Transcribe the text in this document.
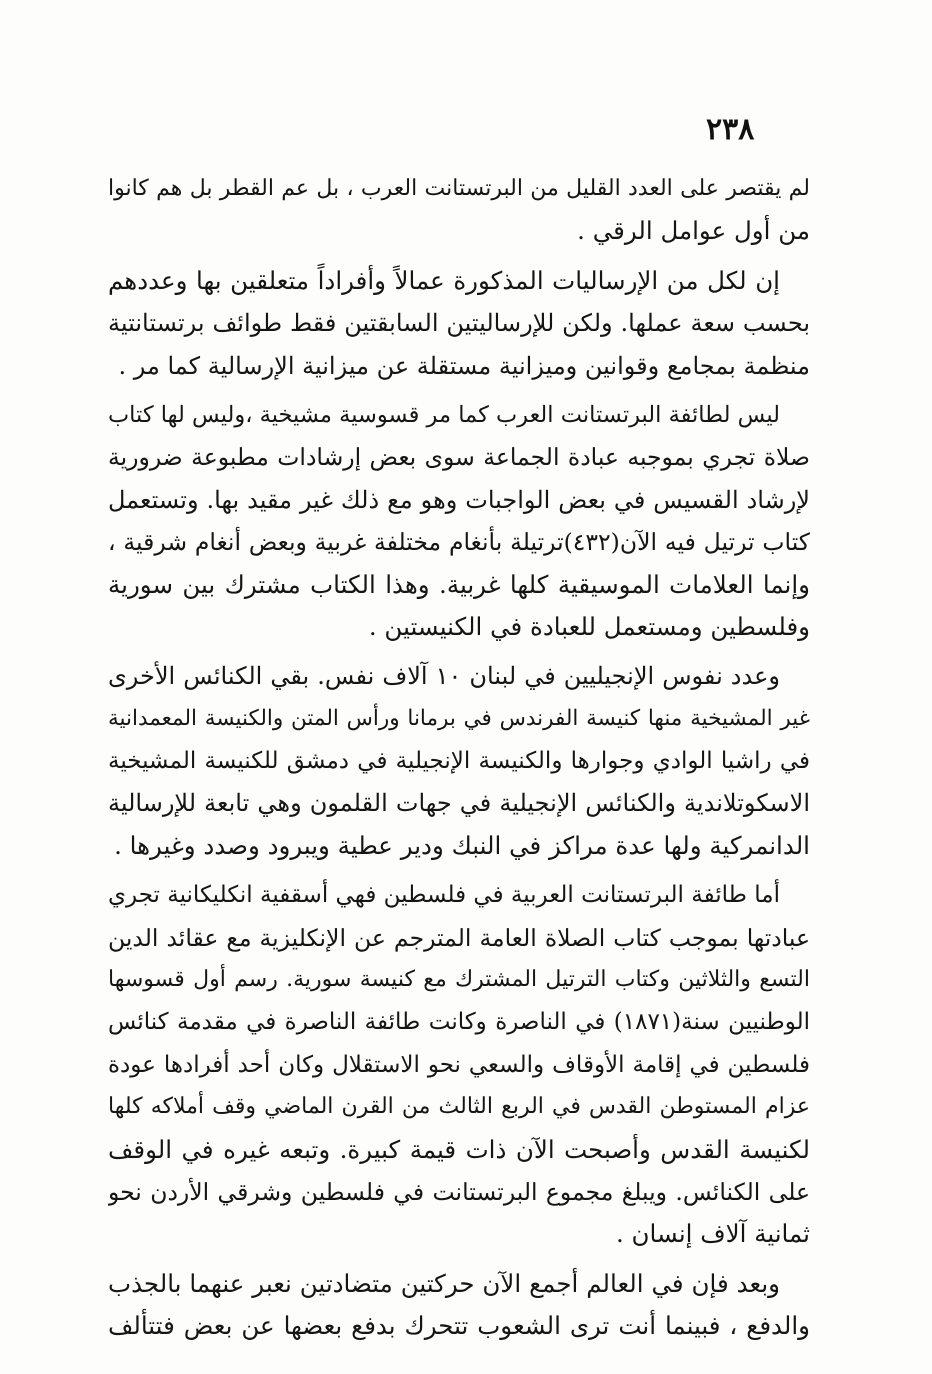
٢٣٨
لم يقتصر على العدد القليل من البرتستانت العرب ، بل عم القطر بل هم كانوا
من أول عوامل الرقي .
إن لكل من الإرساليات المذكورة عمالاً وأفراداً متعلقين بها وعددهم
بحسب سعة عملها. ولكن للإرساليتين السابقتين فقط طوائف برتستانتية
منظمة بمجامع وقوانين وميزانية مستقلة عن ميزانية الإرسالية كما مر .
ليس لطائفة البرتستانت العرب كما مر قسوسية مشيخية ،وليس لها كتاب
صلاة تجري بموجبه عبادة الجماعة سوى بعض إرشادات مطبوعة ضرورية
لإرشاد القسيس في بعض الواجبات وهو مع ذلك غير مقيد بها. وتستعمل
كتاب ترتيل فيه الآن(٤٣٢)ترتيلة بأنغام مختلفة غربية وبعض أنغام شرقية ،
وإنما العلامات الموسيقية كلها غربية. وهذا الكتاب مشترك بين سورية
وفلسطين ومستعمل للعبادة في الكنيستين .
وعدد نفوس الإنجيليين في لبنان ١٠ آلاف نفس. بقي الكنائس الأخرى
غير المشيخية منها كنيسة الفرندس في برمانا ورأس المتن والكنيسة المعمدانية
في راشيا الوادي وجوارها والكنيسة الإنجيلية في دمشق للكنيسة المشيخية
الاسكوتلاندية والكنائس الإنجيلية في جهات القلمون وهي تابعة للإرسالية
الدانمركية ولها عدة مراكز في النبك ودير عطية ويبرود وصدد وغيرها .
أما طائفة البرتستانت العربية في فلسطين فهي أسقفية انكليكانية تجري
عبادتها بموجب كتاب الصلاة العامة المترجم عن الإنكليزية مع عقائد الدين
التسع والثلاثين وكتاب الترتيل المشترك مع كنيسة سورية. رسم أول قسوسها
الوطنيين سنة(١٨٧١) في الناصرة وكانت طائفة الناصرة في مقدمة كنائس
فلسطين في إقامة الأوقاف والسعي نحو الاستقلال وكان أحد أفرادها عودة
عزام المستوطن القدس في الربع الثالث من القرن الماضي وقف أملاكه كلها
لكنيسة القدس وأصبحت الآن ذات قيمة كبيرة. وتبعه غيره في الوقف
على الكنائس. ويبلغ مجموع البرتستانت في فلسطين وشرقي الأردن نحو
ثمانية آلاف إنسان .
وبعد فإن في العالم أجمع الآن حركتين متضادتين نعبر عنهما بالجذب
والدفع ، فبينما أنت ترى الشعوب تتحرك بدفع بعضها عن بعض فتتألف
